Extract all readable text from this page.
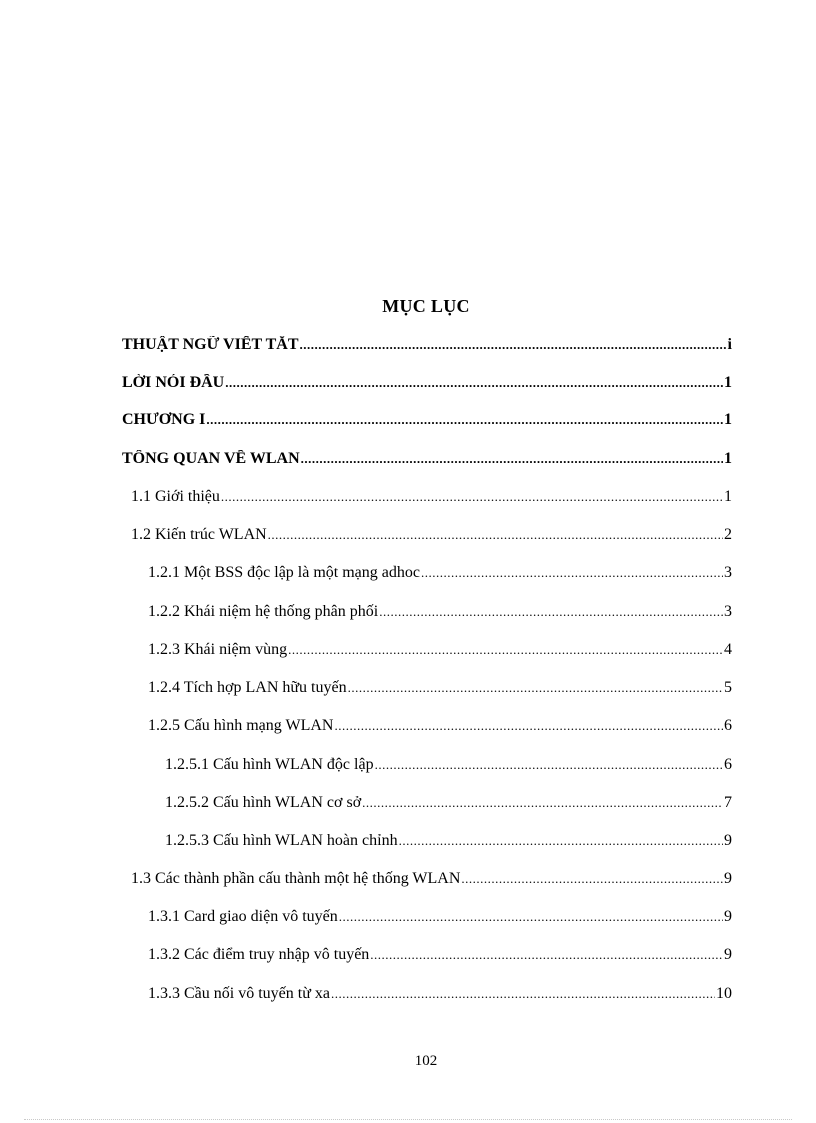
MỤC LỤC
THUẬT NGỮ VIẾT TẮT .....	i
LỜI NÓI ĐẦU .....	1
CHƯƠNG I .....	1
TỔNG QUAN VỀ WLAN .....	1
1.1 Giới thiệu .....	1
1.2 Kiến trúc WLAN .....	2
1.2.1 Một BSS độc lập là một mạng adhoc .....	3
1.2.2 Khái niệm hệ thống phân phối .....	3
1.2.3 Khái niệm vùng .....	4
1.2.4 Tích hợp LAN hữu tuyến .....	5
1.2.5 Cấu hình mạng WLAN .....	6
1.2.5.1 Cấu hình WLAN độc lập .....	6
1.2.5.2 Cấu hình WLAN cơ sở .....	7
1.2.5.3 Cấu hình WLAN hoàn chỉnh .....	9
1.3 Các thành phần cấu thành một hệ thống WLAN .....	9
1.3.1 Card giao diện vô tuyến .....	9
1.3.2 Các điểm truy nhập vô tuyến .....	9
1.3.3 Cầu nối vô tuyến từ xa .....	10
102
